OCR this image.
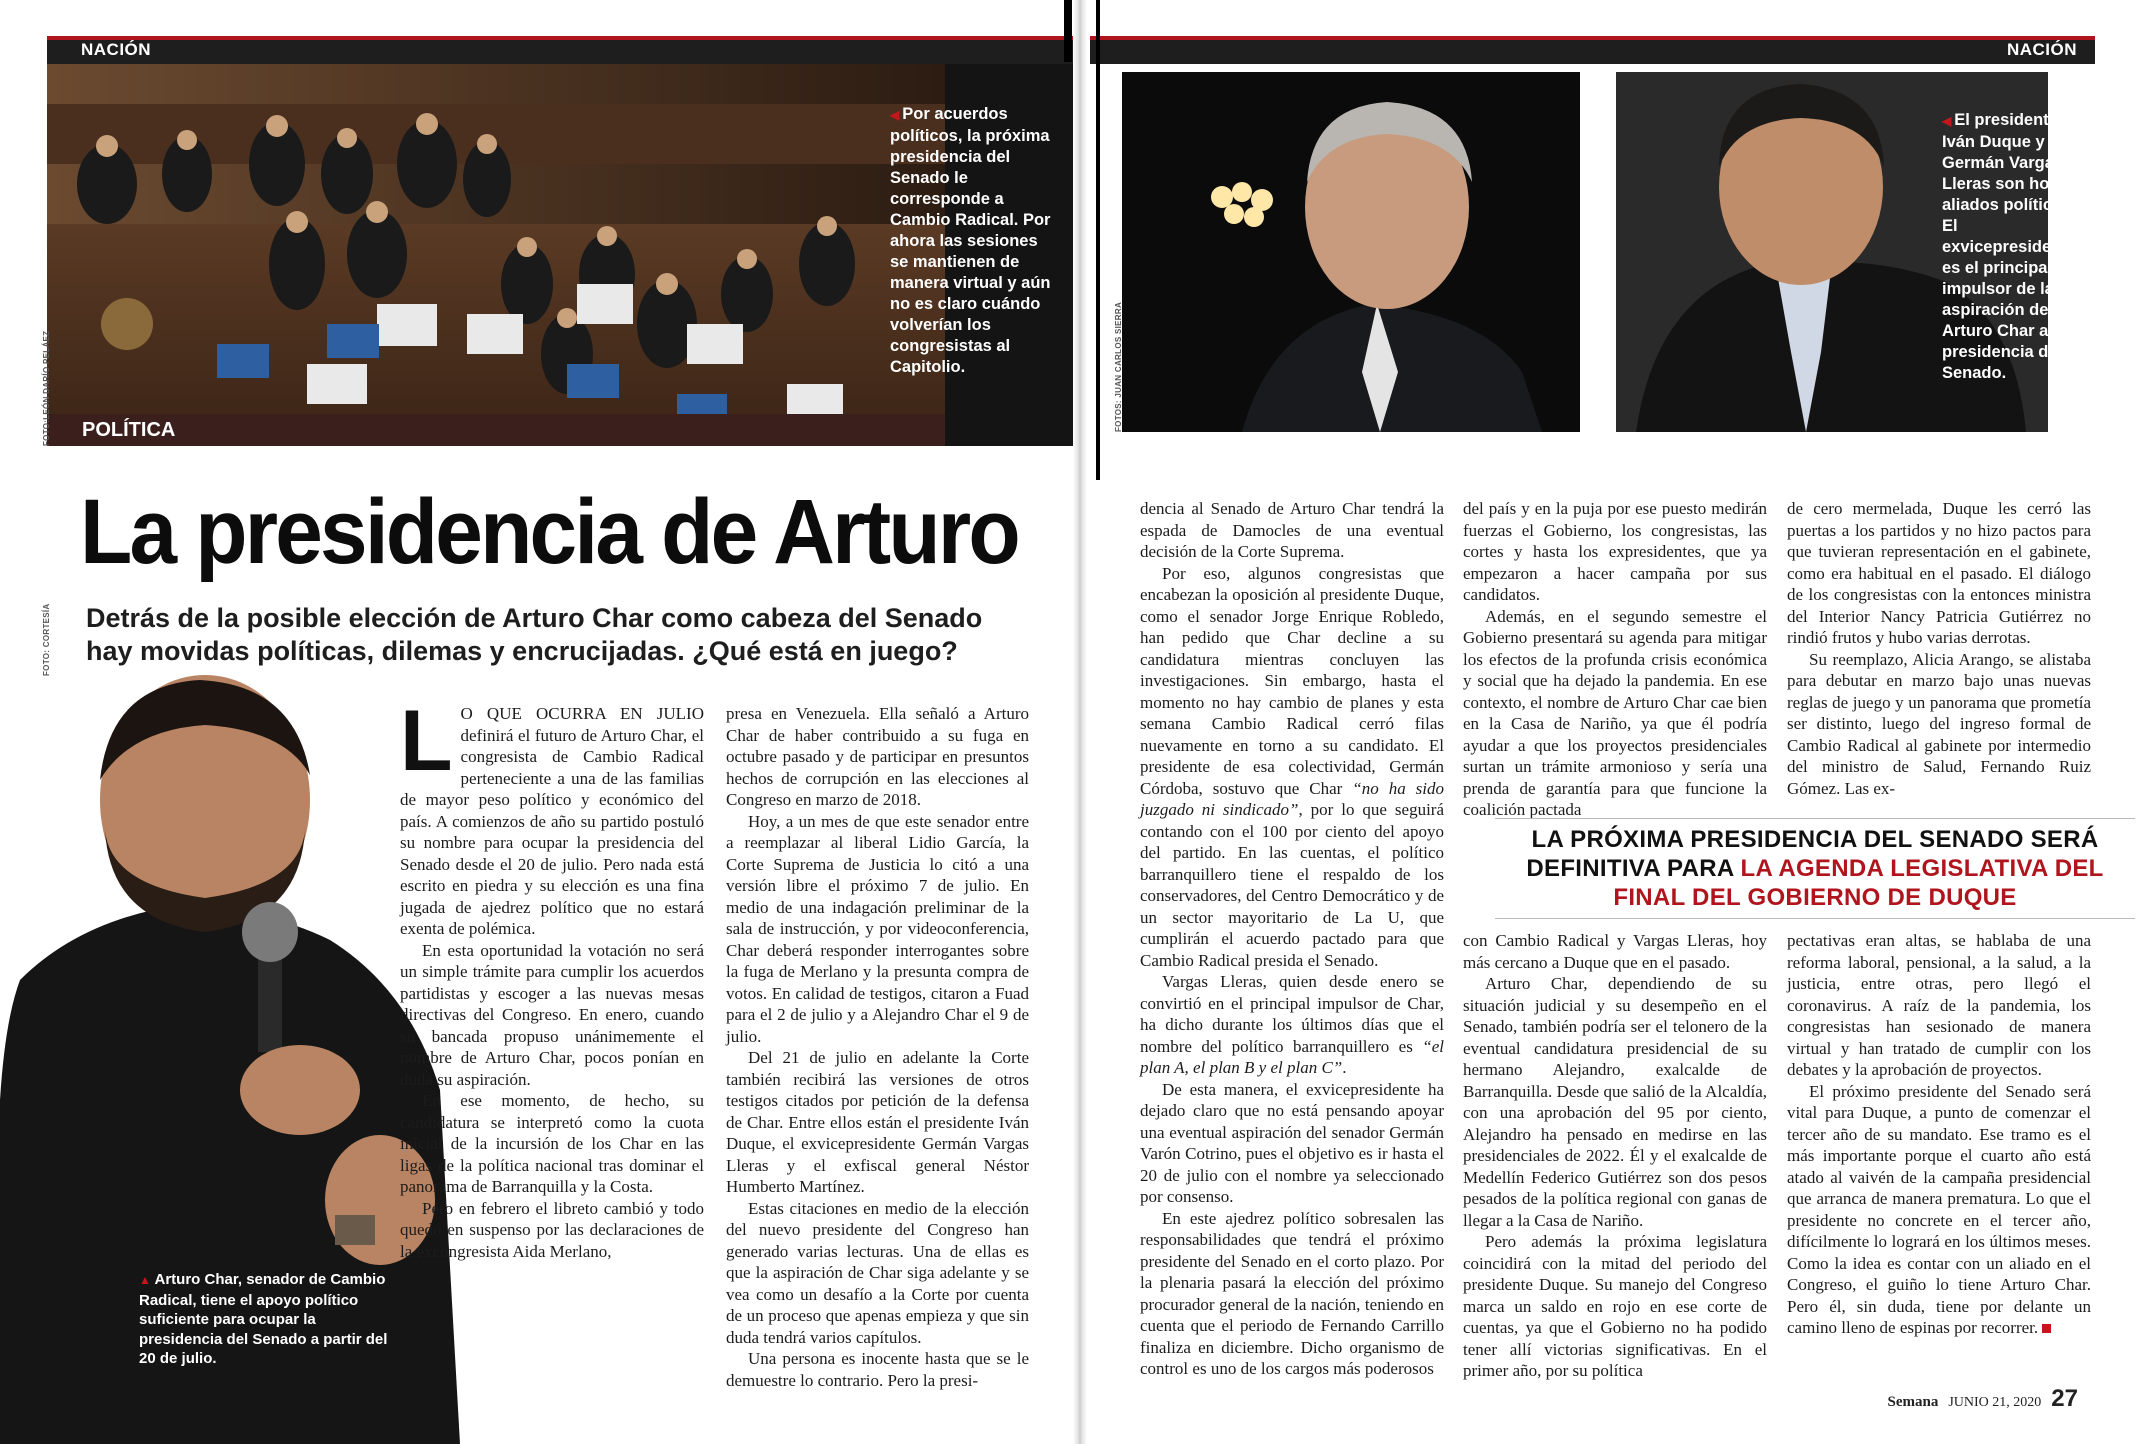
NACIÓN
◀ Por acuerdos políticos, la próxima presidencia del Senado le corresponde a Cambio Radical. Por ahora las sesiones se mantienen de manera virtual y aún no es claro cuándo volverían los congresistas al Capitolio.
FOTO:LEÓN DARÍO PELÁEZ POLÍTICA
La presidencia de Arturo
Detrás de la posible elección de Arturo Char como cabeza del Senado hay movidas políticas, dilemas y encrucijadas. ¿Qué está en juego?
FOTO: CORTESÍA
▲ Arturo Char, senador de Cambio Radical, tiene el apoyo político suficiente para ocupar la presidencia del Senado a partir del 20 de julio.

L O QUE OCURRA EN JULIO definirá el futuro de Arturo Char, el congresista de Cambio Radical perteneciente a una de las familias de mayor peso político y económico del país. A comienzos de año su partido postuló su nombre para ocupar la presidencia del Senado desde el 20 de julio. Pero nada está escrito en piedra y su elección es una fina jugada de ajedrez político que no estará exenta de polémica.

En esta oportunidad la votación no será un simple trámite para cumplir los acuerdos partidistas y escoger a las nuevas mesas directivas del Congreso. En enero, cuando su bancada propuso unánimemente el nombre de Arturo Char, pocos ponían en duda su aspiración.

En ese momento, de hecho, su candidatura se interpretó como la cuota inicial de la incursión de los Char en las ligas de la política nacional tras dominar el panorama de Barranquilla y la Costa.

Pero en febrero el libreto cambió y todo quedó en suspenso por las declaraciones de la excongresista Aida Merlano,

presa en Venezuela. Ella señaló a Arturo Char de haber contribuido a su fuga en octubre pasado y de participar en presuntos hechos de corrupción en las elecciones al Congreso en marzo de 2018.

Hoy, a un mes de que este senador entre a reemplazar al liberal Lidio García, la Corte Suprema de Justicia lo citó a una versión libre el próximo 7 de julio. En medio de una indagación preliminar de la sala de instrucción, y por videoconferencia, Char deberá responder interrogantes sobre la fuga de Merlano y la presunta compra de votos. En calidad de testigos, citaron a Fuad para el 2 de julio y a Alejandro Char el 9 de julio.

Del 21 de julio en adelante la Corte también recibirá las versiones de otros testigos citados por petición de la defensa de Char. Entre ellos están el presidente Iván Duque, el exvicepresidente Germán Vargas Lleras y el exfiscal general Néstor Humberto Martínez.

Estas citaciones en medio de la elección del nuevo presidente del Congreso han generado varias lecturas. Una de ellas es que la aspiración de Char siga adelante y se vea como un desafío a la Corte por cuenta de un proceso que apenas empieza y que sin duda tendrá varios capítulos.

Una persona es inocente hasta que se le demuestre lo contrario. Pero la presi-

NACIÓN
FOTOS: JUAN CARLOS SIERRA
◀ El presidente Iván Duque y Germán Vargas Lleras son hoy aliados políticos. El exvicepresidente es el principal impulsor de la aspiración de Arturo Char a la presidencia del Senado.

dencia al Senado de Arturo Char tendrá la espada de Damocles de una eventual decisión de la Corte Suprema.

Por eso, algunos congresistas que encabezan la oposición al presidente Duque, como el senador Jorge Enrique Robledo, han pedido que Char decline a su candidatura mientras concluyen las investigaciones. Sin embargo, hasta el momento no hay cambio de planes y esta semana Cambio Radical cerró filas nuevamente en torno a su candidato. El presidente de esa colectividad, Germán Córdoba, sostuvo que Char “no ha sido juzgado ni sindicado”, por lo que seguirá contando con el 100 por ciento del apoyo del partido. En las cuentas, el político barranquillero tiene el respaldo de los conservadores, del Centro Democrático y de un sector mayoritario de La U, que cumplirán el acuerdo pactado para que Cambio Radical presida el Senado.

Vargas Lleras, quien desde enero se convirtió en el principal impulsor de Char, ha dicho durante los últimos días que el nombre del político barranquillero es “el plan A, el plan B y el plan C”.

De esta manera, el exvicepresidente ha dejado claro que no está pensando apoyar una eventual aspiración del senador Germán Varón Cotrino, pues el objetivo es ir hasta el 20 de julio con el nombre ya seleccionado por consenso.

En este ajedrez político sobresalen las responsabilidades que tendrá el próximo presidente del Senado en el corto plazo. Por la plenaria pasará la elección del próximo procurador general de la nación, teniendo en cuenta que el periodo de Fernando Carrillo finaliza en diciembre. Dicho organismo de control es uno de los cargos más poderosos

del país y en la puja por ese puesto medirán fuerzas el Gobierno, los congresistas, las cortes y hasta los expresidentes, que ya empezaron a hacer campaña por sus candidatos.

Además, en el segundo semestre el Gobierno presentará su agenda para mitigar los efectos de la profunda crisis económica y social que ha dejado la pandemia. En ese contexto, el nombre de Arturo Char cae bien en la Casa de Nariño, ya que él podría ayudar a que los proyectos presidenciales surtan un trámite armonioso y sería una prenda de garantía para que funcione la coalición pactada

de cero mermelada, Duque les cerró las puertas a los partidos y no hizo pactos para que tuvieran representación en el gabinete, como era habitual en el pasado. El diálogo de los congresistas con la entonces ministra del Interior Nancy Patricia Gutiérrez no rindió frutos y hubo varias derrotas.

Su reemplazo, Alicia Arango, se alistaba para debutar en marzo bajo unas nuevas reglas de juego y un panorama que prometía ser distinto, luego del ingreso formal de Cambio Radical al gabinete por intermedio del ministro de Salud, Fernando Ruiz Gómez. Las ex-

LA PRÓXIMA PRESIDENCIA DEL SENADO SERÁ DEFINITIVA PARA LA AGENDA LEGISLATIVA DEL FINAL DEL GOBIERNO DE DUQUE

con Cambio Radical y Vargas Lleras, hoy más cercano a Duque que en el pasado.

Arturo Char, dependiendo de su situación judicial y su desempeño en el Senado, también podría ser el telonero de la eventual candidatura presidencial de su hermano Alejandro, exalcalde de Barranquilla. Desde que salió de la Alcaldía, con una aprobación del 95 por ciento, Alejandro ha pensado en medirse en las presidenciales de 2022. Él y el exalcalde de Medellín Federico Gutiérrez son dos pesos pesados de la política regional con ganas de llegar a la Casa de Nariño.

Pero además la próxima legislatura coincidirá con la mitad del periodo del presidente Duque. Su manejo del Congreso marca un saldo en rojo en ese corte de cuentas, ya que el Gobierno no ha podido tener allí victorias significativas. En el primer año, por su política

pectativas eran altas, se hablaba de una reforma laboral, pensional, a la salud, a la justicia, entre otras, pero llegó el coronavirus. A raíz de la pandemia, los congresistas han sesionado de manera virtual y han tratado de cumplir con los debates y la aprobación de proyectos.

El próximo presidente del Senado será vital para Duque, a punto de comenzar el tercer año de su mandato. Ese tramo es el más importante porque el cuarto año está atado al vaivén de la campaña presidencial que arranca de manera prematura. Lo que el presidente no concrete en el tercer año, difícilmente lo logrará en los últimos meses. Como la idea es contar con un aliado en el Congreso, el guiño lo tiene Arturo Char. Pero él, sin duda, tiene por delante un camino lleno de espinas por recorrer.

Semana JUNIO 21, 2020 27
